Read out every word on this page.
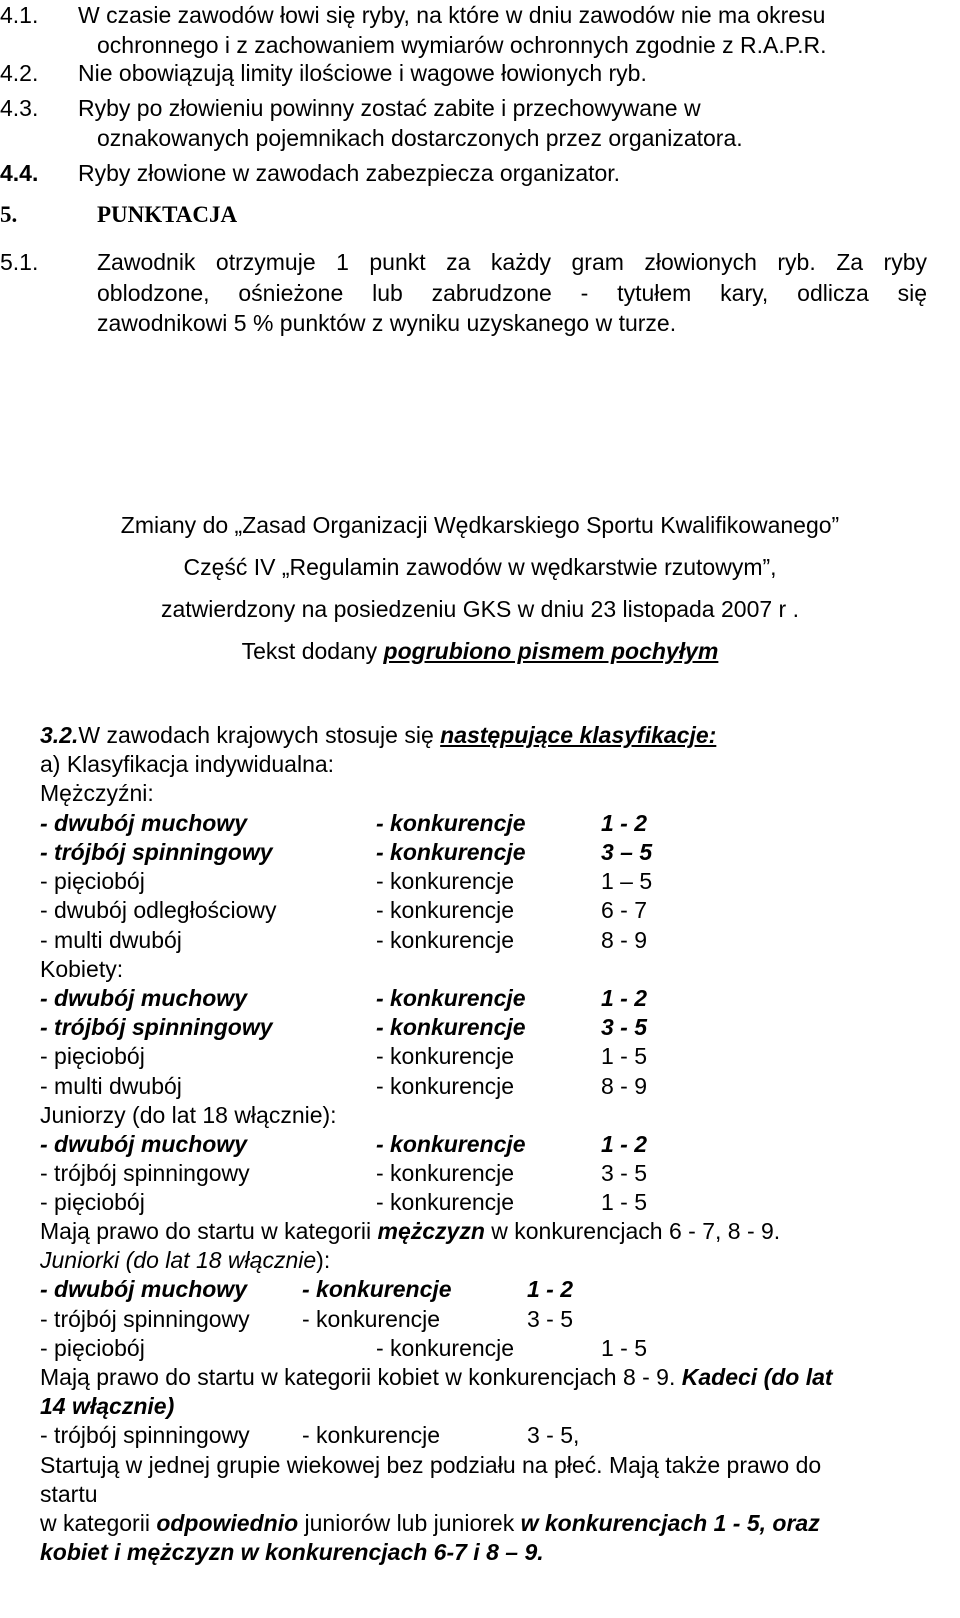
4.1. W czasie zawodów łowi się ryby, na które w dniu zawodów nie ma okresu
ochronnego i z zachowaniem wymiarów ochronnych zgodnie z R.A.P.R.
4.2. Nie obowiązują limity ilościowe i wagowe łowionych ryb.
4.3. Ryby po złowieniu powinny zostać zabite i przechowywane w
oznakowanych pojemnikach dostarczonych przez organizatora.
4.4. Ryby złowione w zawodach zabezpiecza organizator.
5.	PUNKTACJA
5.1.	Zawodnik otrzymuje 1 punkt za każdy gram złowionych ryb. Za ryby
oblodzone, ośnieżone lub zabrudzone - tytułem kary, odlicza się
zawodnikowi 5 % punktów z wyniku uzyskanego w turze.
Zmiany do „Zasad Organizacji Wędkarskiego Sportu Kwalifikowanego”
Część IV „Regulamin zawodów w wędkarstwie rzutowym”,
zatwierdzony na posiedzeniu GKS w dniu 23 listopada 2007 r .
Tekst dodany pogrubiono pismem pochyłym
3.2.W zawodach krajowych stosuje się następujące klasyfikacje:
a) Klasyfikacja indywidualna:
Mężczyźni:
- dwubój muchowy	- konkurencje	1 - 2
- trójbój spinningowy	- konkurencje	3 – 5
- pięciobój	- konkurencje	1 – 5
- dwubój odległościowy	- konkurencje	6 - 7
- multi dwubój	- konkurencje	8 - 9
Kobiety:
- dwubój muchowy	- konkurencje	1 - 2
- trójbój spinningowy	- konkurencje	3 - 5
- pięciobój	- konkurencje	1 - 5
- multi dwubój	- konkurencje	8 - 9
Juniorzy (do lat 18 włącznie):
- dwubój muchowy	- konkurencje	1 - 2
- trójbój spinningowy	- konkurencje	3 - 5
- pięciobój	- konkurencje	1 - 5
Mają prawo do startu w kategorii mężczyzn w konkurencjach 6 - 7, 8 - 9.
Juniorki (do lat 18 włącznie):
- dwubój muchowy - konkurencje	1 - 2
- trójbój spinningowy - konkurencje	3 - 5
- pięciobój	- konkurencje	1 - 5
Mają prawo do startu w kategorii kobiet w konkurencjach 8 - 9. Kadeci (do lat
14 włącznie)
- trójbój spinningowy - konkurencje	3 - 5,
Startują w jednej grupie wiekowej bez podziału na płeć. Mają także prawo do
startu
w kategorii odpowiednio juniorów lub juniorek w konkurencjach 1 - 5, oraz
kobiet i mężczyzn w konkurencjach 6-7 i 8 – 9.
